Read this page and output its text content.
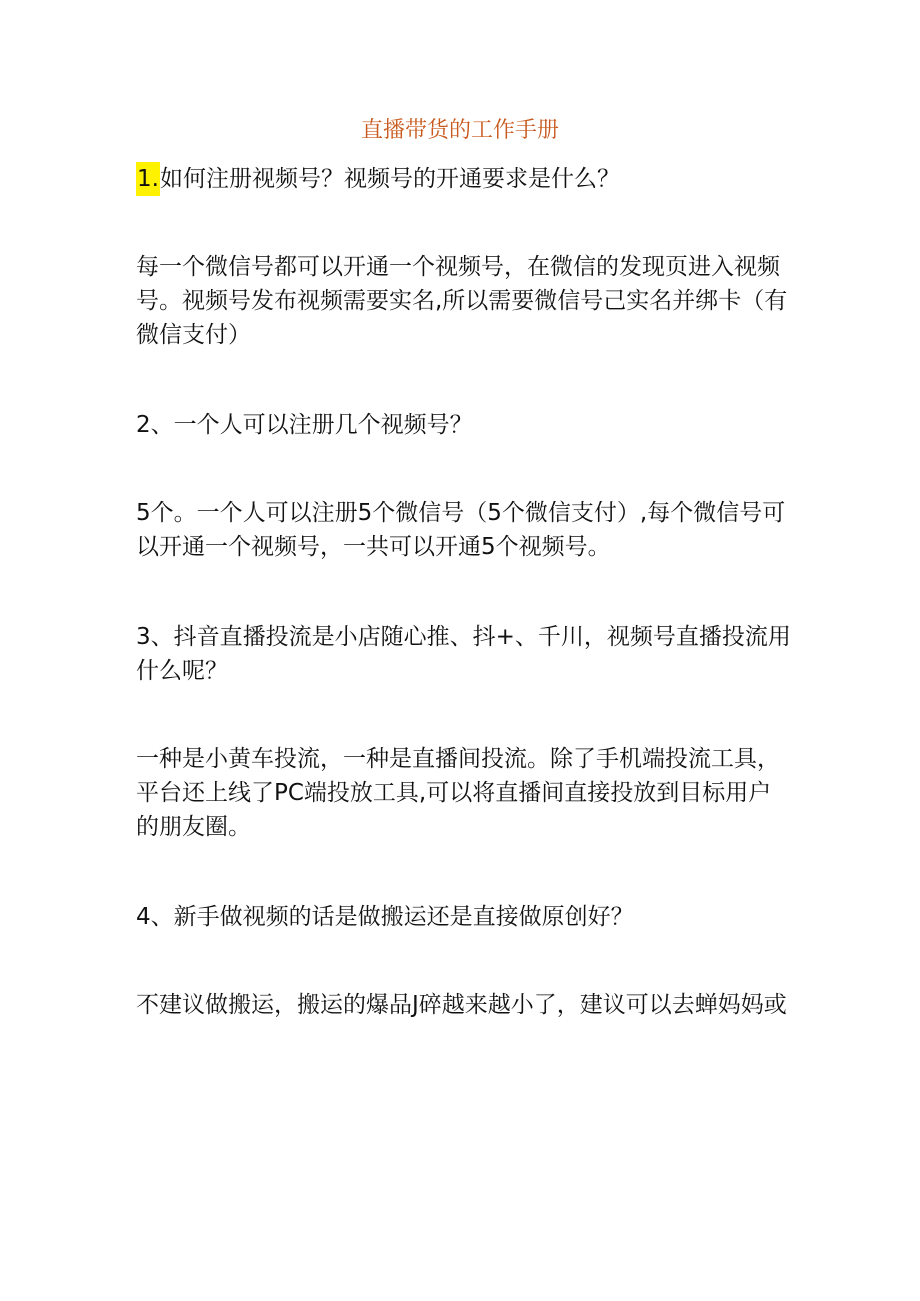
直播带货的工作手册
1.如何注册视频号？视频号的开通要求是什么？
每一个微信号都可以开通一个视频号，在微信的发现页进入视频
号。视频号发布视频需要实名,所以需要微信号己实名并绑卡（有
微信支付）
2、一个人可以注册几个视频号？
5个。一个人可以注册5个微信号（5个微信支付）,每个微信号可
以开通一个视频号，一共可以开通5个视频号。
3、抖音直播投流是小店随心推、抖+、千川，视频号直播投流用
什么呢？
一种是小黄车投流，一种是直播间投流。除了手机端投流工具，
平台还上线了PC端投放工具,可以将直播间直接投放到目标用户
的朋友圈。
4、新手做视频的话是做搬运还是直接做原创好？
不建议做搬运，搬运的爆品J碎越来越小了，建议可以去蝉妈妈或
